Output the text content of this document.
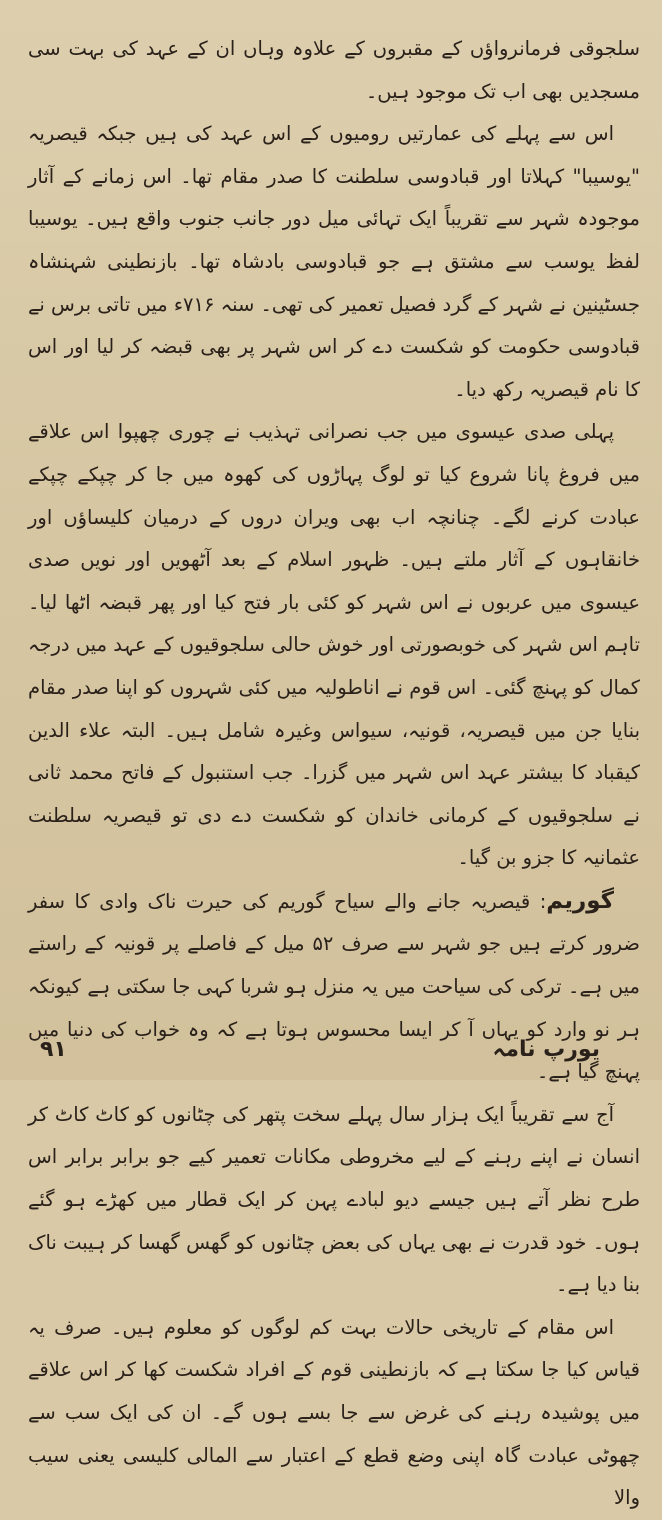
سلجوقی فرمانرواؤں کے مقبروں کے علاوہ وہاں ان کے عہد کی بہت سی مسجدیں بھی اب تک موجود ہیں۔

اس سے پہلے کی عمارتیں رومیوں کے اس عہد کی ہیں جبکہ قیصریہ "یوسیبا" کہلاتا اور قبادوسی سلطنت کا صدر مقام تھا۔ اس زمانے کے آثار موجودہ شہر سے تقریباً ایک تہائی میل دور جانب جنوب واقع ہیں۔ یوسیبا لفظ یوسب سے مشتق ہے جو قبادوسی بادشاہ تھا۔ بازنطینی شہنشاہ جسٹینین نے شہر کے گرد فصیل تعمیر کی تھی۔ سنہ ۷۱۶ء میں تاتی برس نے قبادوسی حکومت کو شکست دے کر اس شہر پر بھی قبضہ کر لیا اور اس کا نام قیصریہ رکھ دیا۔

پہلی صدی عیسوی میں جب نصرانی تہذیب نے چوری چھپوا اس علاقے میں فروغ پانا شروع کیا تو لوگ پہاڑوں کی کھوہ میں جا کر چپکے چپکے عبادت کرنے لگے۔ چنانچہ اب بھی ویران دروں کے درمیان کلیساؤں اور خانقاہوں کے آثار ملتے ہیں۔ ظہور اسلام کے بعد آٹھویں اور نویں صدی عیسوی میں عربوں نے اس شہر کو کئی بار فتح کیا اور پھر قبضہ اٹھا لیا۔ تاہم اس شہر کی خوبصورتی اور خوش حالی سلجوقیوں کے عہد میں درجہ کمال کو پہنچ گئی۔ اس قوم نے اناطولیہ میں کئی شہروں کو اپنا صدر مقام بنایا جن میں قیصریہ، قونیہ، سیواس وغیرہ شامل ہیں۔ البتہ علاء الدین کیقباد کا بیشتر عہد اس شہر میں گزرا۔ جب استنبول کے فاتح محمد ثانی نے سلجوقیوں کے کرمانی خاندان کو شکست دے دی تو قیصریہ سلطنت عثمانیہ کا جزو بن گیا۔

گوریم: قیصریہ جانے والے سیاح گوریم کی حیرت ناک وادی کا سفر ضرور کرتے ہیں جو شہر سے صرف ۵۲ میل کے فاصلے پر قونیہ کے راستے میں ہے۔ ترکی کی سیاحت میں یہ منزل ہو شربا کہی جا سکتی ہے کیونکہ ہر نو وارد کو یہاں آ کر ایسا محسوس ہوتا ہے کہ وہ خواب کی دنیا میں پہنچ گیا ہے۔

آج سے تقریباً ایک ہزار سال پہلے سخت پتھر کی چٹانوں کو کاٹ کاٹ کر انسان نے اپنے رہنے کے لیے مخروطی مکانات تعمیر کیے جو برابر برابر اس طرح نظر آتے ہیں جیسے دیو لبادے پہن کر ایک قطار میں کھڑے ہو گئے ہوں۔ خود قدرت نے بھی یہاں کی بعض چٹانوں کو گھس گھسا کر ہیبت ناک بنا دیا ہے۔

اس مقام کے تاریخی حالات بہت کم لوگوں کو معلوم ہیں۔ صرف یہ قیاس کیا جا سکتا ہے کہ بازنطینی قوم کے افراد شکست کھا کر اس علاقے میں پوشیدہ رہنے کی غرض سے جا بسے ہوں گے۔ ان کی ایک سب سے چھوٹی عبادت گاہ اپنی وضع قطع کے اعتبار سے المالی کلیسی یعنی سیب والا

۹۱	یورپ نامہ
